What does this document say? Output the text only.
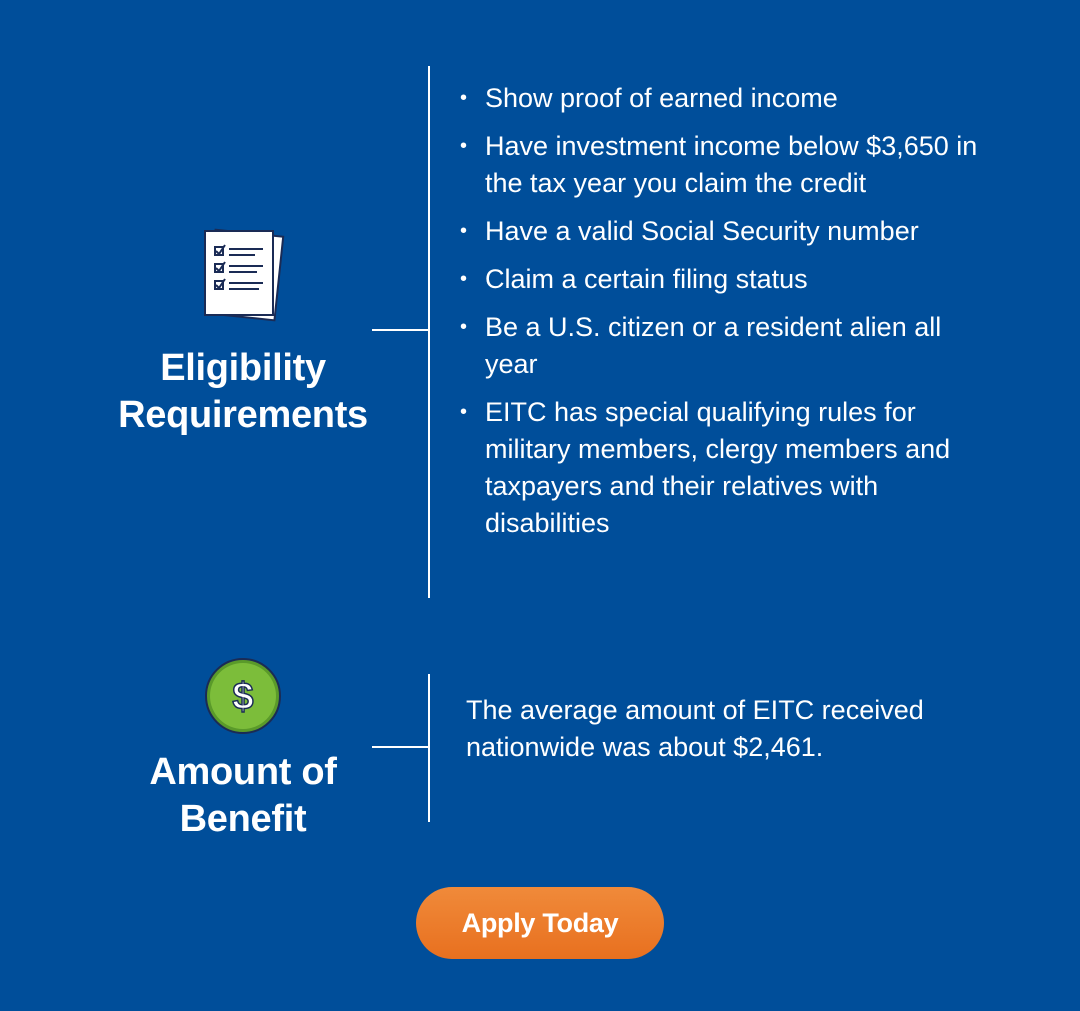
Eligibility
Requirements
• Show proof of earned income
• Have investment income below $3,650 in the tax year you claim the credit
• Have a valid Social Security number
• Claim a certain filing status
• Be a U.S. citizen or a resident alien all year
• EITC has special qualifying rules for military members, clergy members and taxpayers and their relatives with disabilities
$
Amount of
Benefit

The average amount of EITC received nationwide was about $2,461.

Apply Today
